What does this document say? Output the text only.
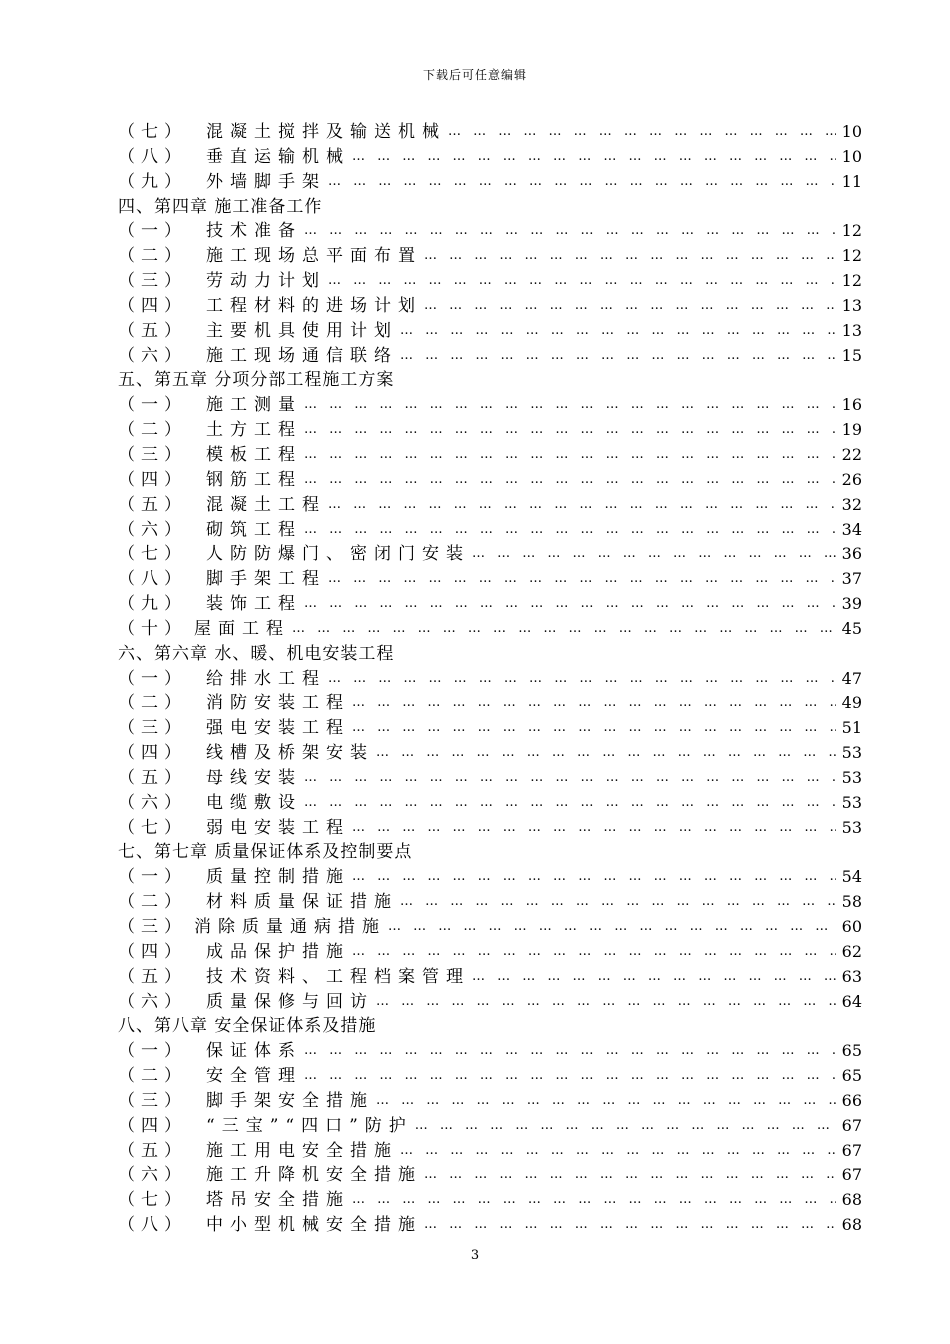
下载后可任意编辑
（七）	混凝土搅拌及输送机械 … … … … … … … … … … … … … … … … … … … … … … … … … … … … … … … … … … … … … … … … … … … … … … … …	10
（八）	垂直运输机械 … … … … … … … … … … … … … … … … … … … … … … … … … … … … … … … … … … … … … … … … … … … … … … … …	10
（九）	外墙脚手架 … … … … … … … … … … … … … … … … … … … … … … … … … … … … … … … … … … … … … … … … … … … … … … … …	11
四、第四章 施工准备工作
（一）	技术准备 … … … … … … … … … … … … … … … … … … … … … … … … … … … … … … … … … … … … … … … … … … … … … … … …	12
（二）	施工现场总平面布置 … … … … … … … … … … … … … … … … … … … … … … … … … … … … … … … … … … … … … … … … … … … … … … … …	12
（三）	劳动力计划 … … … … … … … … … … … … … … … … … … … … … … … … … … … … … … … … … … … … … … … … … … … … … … … …	12
（四）	工程材料的进场计划 … … … … … … … … … … … … … … … … … … … … … … … … … … … … … … … … … … … … … … … … … … … … … … … …	13
（五）	主要机具使用计划 … … … … … … … … … … … … … … … … … … … … … … … … … … … … … … … … … … … … … … … … … … … … … … … …	13
（六）	施工现场通信联络 … … … … … … … … … … … … … … … … … … … … … … … … … … … … … … … … … … … … … … … … … … … … … … … …	15
五、第五章 分项分部工程施工方案
（一）	施工测量 … … … … … … … … … … … … … … … … … … … … … … … … … … … … … … … … … … … … … … … … … … … … … … … …	16
（二）	土方工程 … … … … … … … … … … … … … … … … … … … … … … … … … … … … … … … … … … … … … … … … … … … … … … … …	19
（三）	模板工程 … … … … … … … … … … … … … … … … … … … … … … … … … … … … … … … … … … … … … … … … … … … … … … … …	22
（四）	钢筋工程 … … … … … … … … … … … … … … … … … … … … … … … … … … … … … … … … … … … … … … … … … … … … … … … …	26
（五）	混凝土工程 … … … … … … … … … … … … … … … … … … … … … … … … … … … … … … … … … … … … … … … … … … … … … … … …	32
（六）	砌筑工程 … … … … … … … … … … … … … … … … … … … … … … … … … … … … … … … … … … … … … … … … … … … … … … … …	34
（七）	人防防爆门、密闭门安装 … … … … … … … … … … … … … … … … … … … … … … … … … … … … … … … … … … … … … … … … … … … … … … … …	36
（八）	脚手架工程 … … … … … … … … … … … … … … … … … … … … … … … … … … … … … … … … … … … … … … … … … … … … … … … …	37
（九）	装饰工程 … … … … … … … … … … … … … … … … … … … … … … … … … … … … … … … … … … … … … … … … … … … … … … … …	39
（十） 屋面工程 … … … … … … … … … … … … … … … … … … … … … … … … … … … … … … … … … … … … … … … … … … … … … … … …	45
六、第六章 水、暖、机电安装工程
（一）	给排水工程 … … … … … … … … … … … … … … … … … … … … … … … … … … … … … … … … … … … … … … … … … … … … … … … …	47
（二）	消防安装工程 … … … … … … … … … … … … … … … … … … … … … … … … … … … … … … … … … … … … … … … … … … … … … … … …	49
（三）	强电安装工程 … … … … … … … … … … … … … … … … … … … … … … … … … … … … … … … … … … … … … … … … … … … … … … … …	51
（四）	线槽及桥架安装 … … … … … … … … … … … … … … … … … … … … … … … … … … … … … … … … … … … … … … … … … … … … … … … …	53
（五）	母线安装 … … … … … … … … … … … … … … … … … … … … … … … … … … … … … … … … … … … … … … … … … … … … … … … …	53
（六）	电缆敷设 … … … … … … … … … … … … … … … … … … … … … … … … … … … … … … … … … … … … … … … … … … … … … … … …	53
（七）	弱电安装工程 … … … … … … … … … … … … … … … … … … … … … … … … … … … … … … … … … … … … … … … … … … … … … … … …	53
七、第七章 质量保证体系及控制要点
（一）	质量控制措施 … … … … … … … … … … … … … … … … … … … … … … … … … … … … … … … … … … … … … … … … … … … … … … … …	54
（二）	材料质量保证措施 … … … … … … … … … … … … … … … … … … … … … … … … … … … … … … … … … … … … … … … … … … … … … … … …	58
（三） 消除质量通病措施 … … … … … … … … … … … … … … … … … … … … … … … … … … … … … … … … … … … … … … … … … … … … … … … …	60
（四）	成品保护措施 … … … … … … … … … … … … … … … … … … … … … … … … … … … … … … … … … … … … … … … … … … … … … … … …	62
（五）	技术资料、工程档案管理 … … … … … … … … … … … … … … … … … … … … … … … … … … … … … … … … … … … … … … … … … … … … … … … …	63
（六）	质量保修与回访 … … … … … … … … … … … … … … … … … … … … … … … … … … … … … … … … … … … … … … … … … … … … … … … …	64
八、第八章 安全保证体系及措施
（一）	保证体系 … … … … … … … … … … … … … … … … … … … … … … … … … … … … … … … … … … … … … … … … … … … … … … … …	65
（二）	安全管理 … … … … … … … … … … … … … … … … … … … … … … … … … … … … … … … … … … … … … … … … … … … … … … … …	65
（三）	脚手架安全措施 … … … … … … … … … … … … … … … … … … … … … … … … … … … … … … … … … … … … … … … … … … … … … … … …	66
（四）	“三宝”“四口”防护 … … … … … … … … … … … … … … … … … … … … … … … … … … … … … … … … … … … … … … … … … … … … … … … …	67
（五）	施工用电安全措施 … … … … … … … … … … … … … … … … … … … … … … … … … … … … … … … … … … … … … … … … … … … … … … … …	67
（六）	施工升降机安全措施 … … … … … … … … … … … … … … … … … … … … … … … … … … … … … … … … … … … … … … … … … … … … … … … …	67
（七）	塔吊安全措施 … … … … … … … … … … … … … … … … … … … … … … … … … … … … … … … … … … … … … … … … … … … … … … … …	68
（八）	中小型机械安全措施 … … … … … … … … … … … … … … … … … … … … … … … … … … … … … … … … … … … … … … … … … … … … … … … …	68
3
